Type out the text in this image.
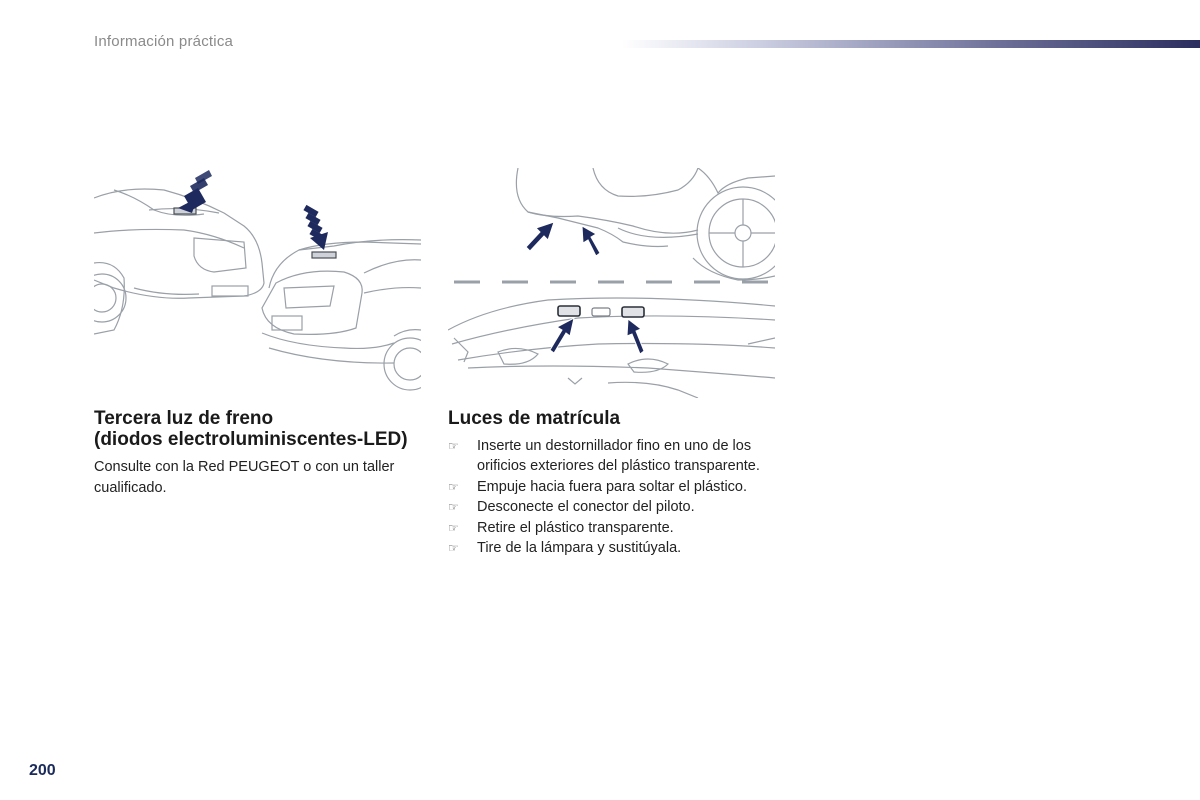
Información práctica
Tercera luz de freno
(diodos electroluminiscentes-LED)

Consulte con la Red PEUGEOT o con un taller cualificado.

Luces de matrícula
☞ Inserte un destornillador fino en uno de los orificios exteriores del plástico transparente.
☞ Empuje hacia fuera para soltar el plástico.
☞ Desconecte el conector del piloto.
☞ Retire el plástico transparente.
☞ Tire de la lámpara y sustitúyala.
200
